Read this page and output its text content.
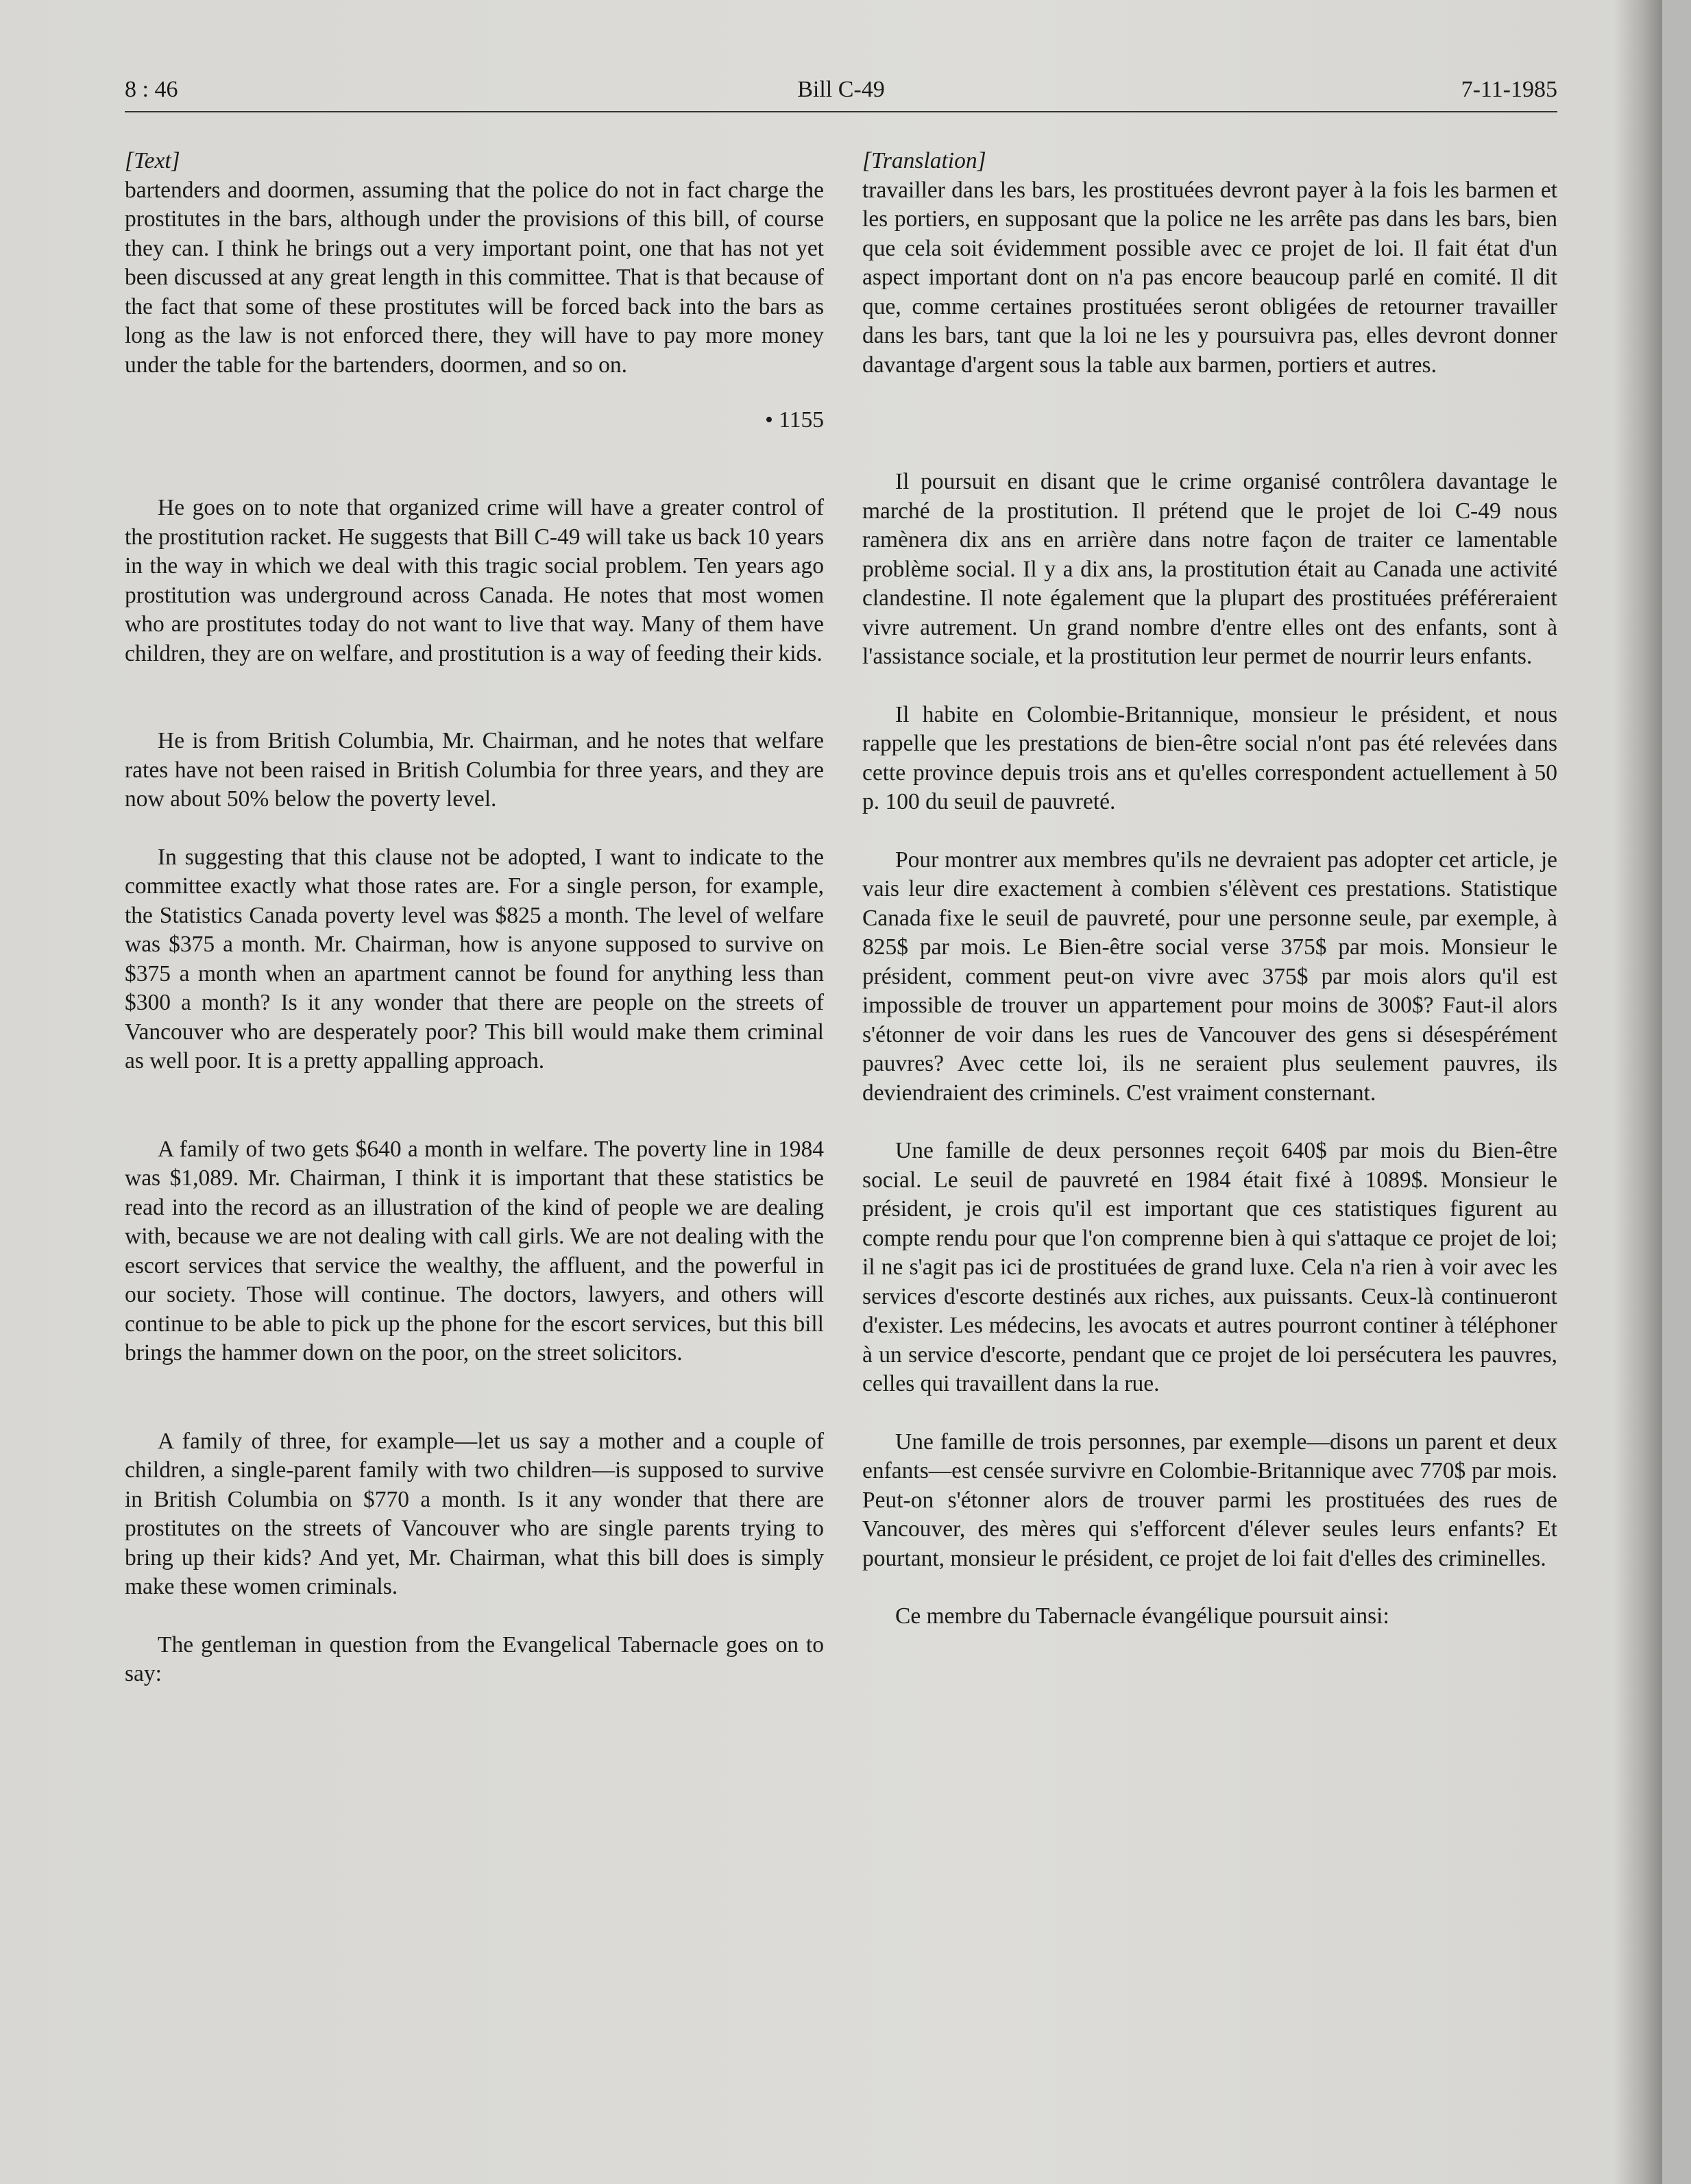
8 : 46	Bill C-49	7-11-1985
[Text]

bartenders and doormen, assuming that the police do not in fact charge the prostitutes in the bars, although under the provisions of this bill, of course they can. I think he brings out a very important point, one that has not yet been discussed at any great length in this committee. That is that because of the fact that some of these prostitutes will be forced back into the bars as long as the law is not enforced there, they will have to pay more money under the table for the bartenders, doormen, and so on.

• 1155

He goes on to note that organized crime will have a greater control of the prostitution racket. He suggests that Bill C-49 will take us back 10 years in the way in which we deal with this tragic social problem. Ten years ago prostitution was underground across Canada. He notes that most women who are prostitutes today do not want to live that way. Many of them have children, they are on welfare, and prostitution is a way of feeding their kids.

He is from British Columbia, Mr. Chairman, and he notes that welfare rates have not been raised in British Columbia for three years, and they are now about 50% below the poverty level.

In suggesting that this clause not be adopted, I want to indicate to the committee exactly what those rates are. For a single person, for example, the Statistics Canada poverty level was $825 a month. The level of welfare was $375 a month. Mr. Chairman, how is anyone supposed to survive on $375 a month when an apartment cannot be found for anything less than $300 a month? Is it any wonder that there are people on the streets of Vancouver who are desperately poor? This bill would make them criminal as well poor. It is a pretty appalling approach.

A family of two gets $640 a month in welfare. The poverty line in 1984 was $1,089. Mr. Chairman, I think it is important that these statistics be read into the record as an illustration of the kind of people we are dealing with, because we are not dealing with call girls. We are not dealing with the escort services that service the wealthy, the affluent, and the powerful in our society. Those will continue. The doctors, lawyers, and others will continue to be able to pick up the phone for the escort services, but this bill brings the hammer down on the poor, on the street solicitors.

A family of three, for example—let us say a mother and a couple of children, a single-parent family with two children—is supposed to survive in British Columbia on $770 a month. Is it any wonder that there are prostitutes on the streets of Vancouver who are single parents trying to bring up their kids? And yet, Mr. Chairman, what this bill does is simply make these women criminals.

The gentleman in question from the Evangelical Tabernacle goes on to say:

[Translation]

travailler dans les bars, les prostituées devront payer à la fois les barmen et les portiers, en supposant que la police ne les arrête pas dans les bars, bien que cela soit évidemment possible avec ce projet de loi. Il fait état d'un aspect important dont on n'a pas encore beaucoup parlé en comité. Il dit que, comme certaines prostituées seront obligées de retourner travailler dans les bars, tant que la loi ne les y poursuivra pas, elles devront donner davantage d'argent sous la table aux barmen, portiers et autres.

Il poursuit en disant que le crime organisé contrôlera davantage le marché de la prostitution. Il prétend que le projet de loi C-49 nous ramènera dix ans en arrière dans notre façon de traiter ce lamentable problème social. Il y a dix ans, la prostitution était au Canada une activité clandestine. Il note également que la plupart des prostituées préféreraient vivre autrement. Un grand nombre d'entre elles ont des enfants, sont à l'assistance sociale, et la prostitution leur permet de nourrir leurs enfants.

Il habite en Colombie-Britannique, monsieur le président, et nous rappelle que les prestations de bien-être social n'ont pas été relevées dans cette province depuis trois ans et qu'elles correspondent actuellement à 50 p. 100 du seuil de pauvreté.

Pour montrer aux membres qu'ils ne devraient pas adopter cet article, je vais leur dire exactement à combien s'élèvent ces prestations. Statistique Canada fixe le seuil de pauvreté, pour une personne seule, par exemple, à 825$ par mois. Le Bien-être social verse 375$ par mois. Monsieur le président, comment peut-on vivre avec 375$ par mois alors qu'il est impossible de trouver un appartement pour moins de 300$? Faut-il alors s'étonner de voir dans les rues de Vancouver des gens si désespérément pauvres? Avec cette loi, ils ne seraient plus seulement pauvres, ils deviendraient des criminels. C'est vraiment consternant.

Une famille de deux personnes reçoit 640$ par mois du Bien-être social. Le seuil de pauvreté en 1984 était fixé à 1089$. Monsieur le président, je crois qu'il est important que ces statistiques figurent au compte rendu pour que l'on comprenne bien à qui s'attaque ce projet de loi; il ne s'agit pas ici de prostituées de grand luxe. Cela n'a rien à voir avec les services d'escorte destinés aux riches, aux puissants. Ceux-là continueront d'exister. Les médecins, les avocats et autres pourront continer à téléphoner à un service d'escorte, pendant que ce projet de loi persécutera les pauvres, celles qui travaillent dans la rue.

Une famille de trois personnes, par exemple—disons un parent et deux enfants—est censée survivre en Colombie-Britannique avec 770$ par mois. Peut-on s'étonner alors de trouver parmi les prostituées des rues de Vancouver, des mères qui s'efforcent d'élever seules leurs enfants? Et pourtant, monsieur le président, ce projet de loi fait d'elles des criminelles.

Ce membre du Tabernacle évangélique poursuit ainsi:
